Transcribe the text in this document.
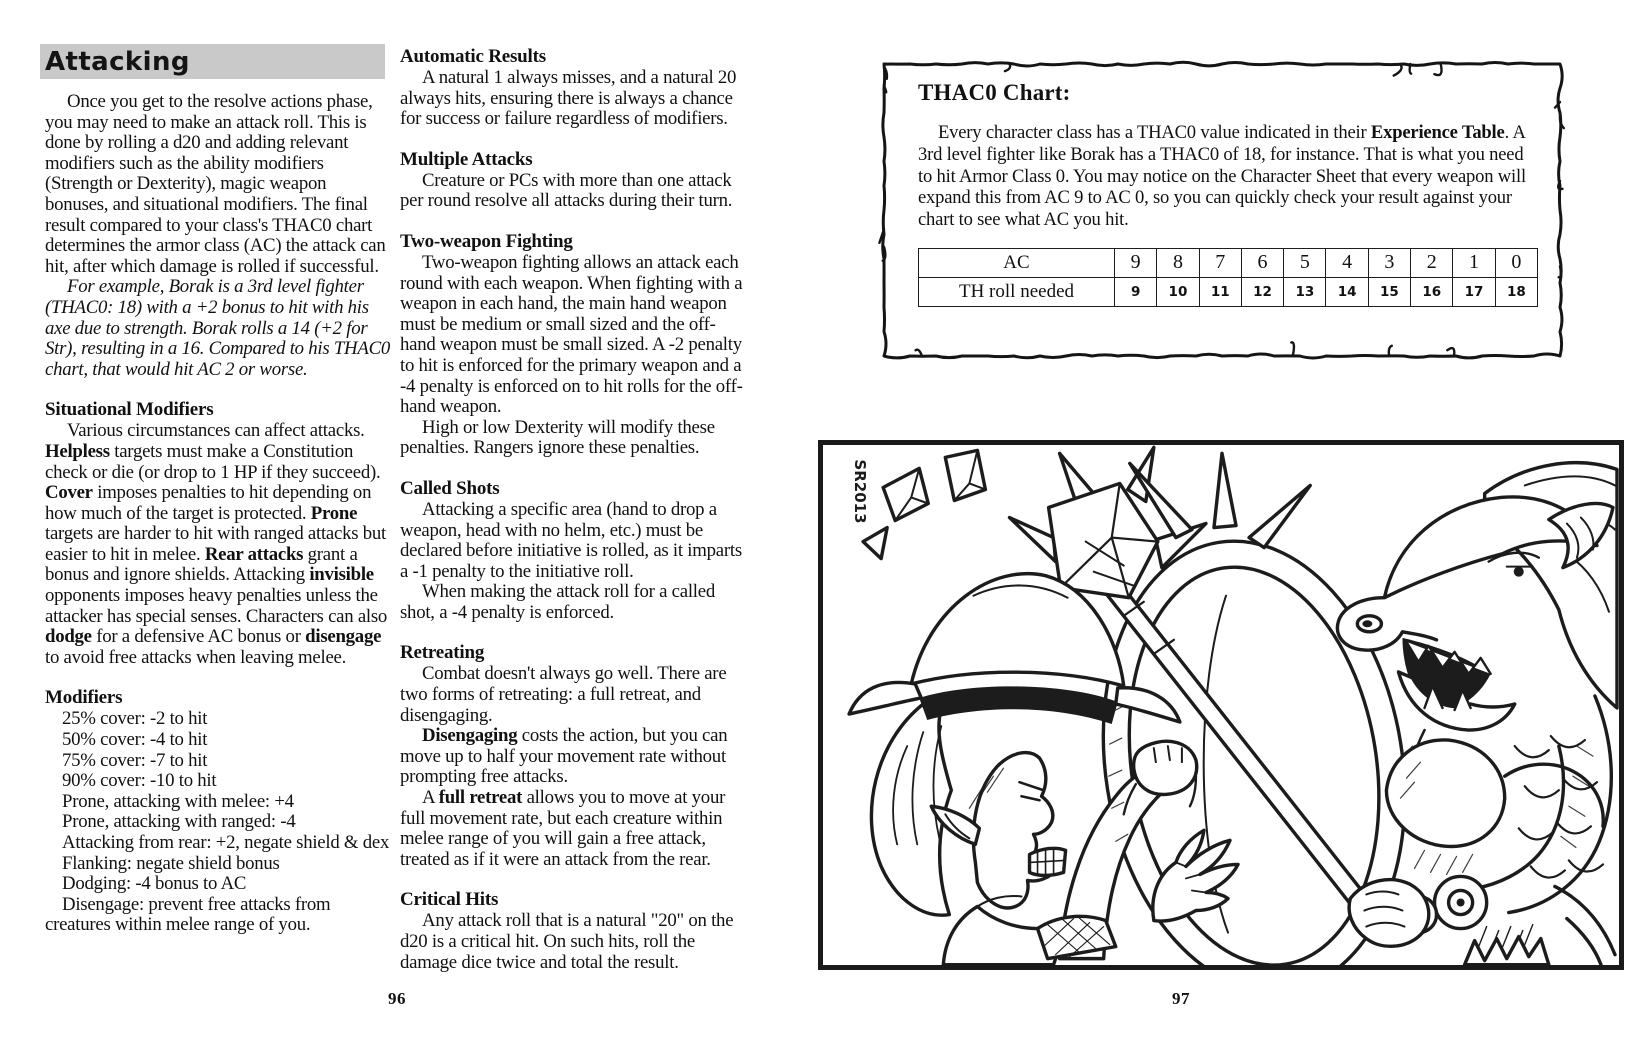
Attacking

Once you get to the resolve actions phase, you may need to make an attack roll. This is done by rolling a d20 and adding relevant modifiers such as the ability modifiers (Strength or Dexterity), magic weapon bonuses, and situational modifiers. The final result compared to your class's THAC0 chart determines the armor class (AC) the attack can hit, after which damage is rolled if successful.

For example, Borak is a 3rd level fighter (THAC0: 18) with a +2 bonus to hit with his axe due to strength. Borak rolls a 14 (+2 for Str), resulting in a 16. Compared to his THAC0 chart, that would hit AC 2 or worse.

Situational Modifiers

Various circumstances can affect attacks. Helpless targets must make a Constitution check or die (or drop to 1 HP if they succeed). Cover imposes penalties to hit depending on how much of the target is protected. Prone targets are harder to hit with ranged attacks but easier to hit in melee. Rear attacks grant a bonus and ignore shields. Attacking invisible opponents imposes heavy penalties unless the attacker has special senses. Characters can also dodge for a defensive AC bonus or disengage to avoid free attacks when leaving melee.

Modifiers
25% cover: -2 to hit
50% cover: -4 to hit
75% cover: -7 to hit
90% cover: -10 to hit
Prone, attacking with melee: +4
Prone, attacking with ranged: -4
Attacking from rear: +2, negate shield & dex
Flanking: negate shield bonus
Dodging: -4 bonus to AC
Disengage: prevent free attacks from
creatures within melee range of you.
Automatic Results

A natural 1 always misses, and a natural 20 always hits, ensuring there is always a chance for success or failure regardless of modifiers.

Multiple Attacks

Creature or PCs with more than one attack per round resolve all attacks during their turn.

Two-weapon Fighting

Two-weapon fighting allows an attack each round with each weapon. When fighting with a weapon in each hand, the main hand weapon must be medium or small sized and the off-hand weapon must be small sized. A -2 penalty to hit is enforced for the primary weapon and a -4 penalty is enforced on to hit rolls for the off-hand weapon.

High or low Dexterity will modify these penalties. Rangers ignore these penalties.

Called Shots

Attacking a specific area (hand to drop a weapon, head with no helm, etc.) must be declared before initiative is rolled, as it imparts a -1 penalty to the initiative roll.

When making the attack roll for a called shot, a -4 penalty is enforced.

Retreating

Combat doesn't always go well. There are two forms of retreating: a full retreat, and disengaging.

Disengaging costs the action, but you can move up to half your movement rate without prompting free attacks.

A full retreat allows you to move at your full movement rate, but each creature within melee range of you will gain a free attack, treated as if it were an attack from the rear.

Critical Hits

Any attack roll that is a natural "20" on the d20 is a critical hit. On such hits, roll the damage dice twice and total the result.

96	97
THAC0 Chart:

Every character class has a THAC0 value indicated in their Experience Table. A 3rd level fighter like Borak has a THAC0 of 18, for instance. That is what you need to hit Armor Class 0. You may notice on the Character Sheet that every weapon will expand this from AC 9 to AC 0, so you can quickly check your result against your chart to see what AC you hit.

AC	9	8	7	6	5	4	3	2	1	0
TH roll needed	9	10	11	12	13	14	15	16	17	18
SR2013
